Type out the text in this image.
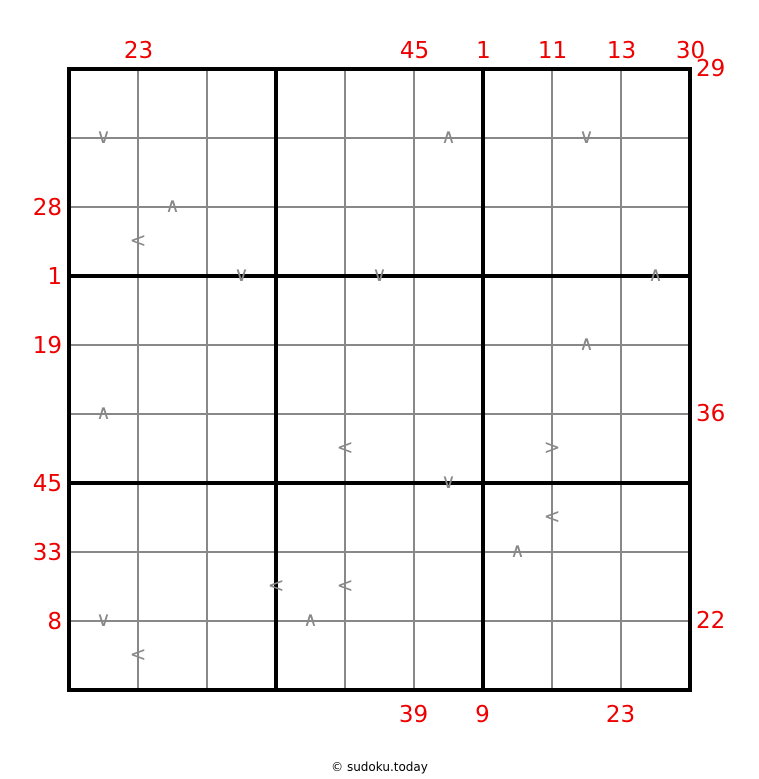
23	45	1	11	13	30
39	9	23
28
1
19
45
33
8
29
36
22
<
<	>
<
<	<
<
∨	∧	∨
∧
∨	∨	∧
∧
∧
∨
∧
∨	∧
© sudoku.today
